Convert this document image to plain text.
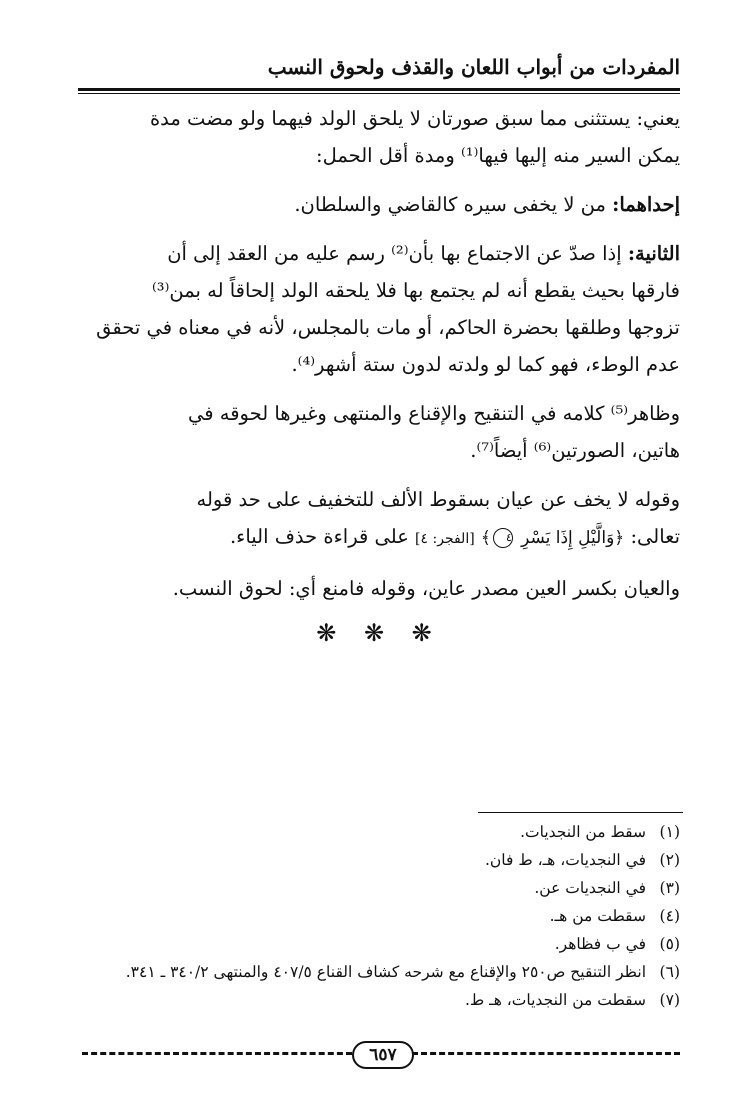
المفردات من أبواب اللعان والقذف ولحوق النسب

يعني: يستثنى مما سبق صورتان لا يلحق الولد فيهما ولو مضت مدة
يمكن السير منه إليها فيها⁽¹⁾ ومدة أقل الحمل:

إحداهما: من لا يخفى سيره كالقاضي والسلطان.

الثانية: إذا صدّ عن الاجتماع بها بأن⁽²⁾ رسم عليه من العقد إلى أن
فارقها بحيث يقطع أنه لم يجتمع بها فلا يلحقه الولد إلحاقاً له بمن⁽³⁾
تزوجها وطلقها بحضرة الحاكم، أو مات بالمجلس، لأنه في معناه في تحقق
عدم الوطء، فهو كما لو ولدته لدون ستة أشهر⁽⁴⁾.

وظاهر⁽⁵⁾ كلامه في التنقيح والإقناع والمنتهى وغيرها لحوقه في
هاتين، الصورتين⁽⁶⁾ أيضاً⁽⁷⁾.

وقوله لا يخف عن عيان بسقوط الألف للتخفيف على حد قوله
تعالى: ﴿وَالَّيْلِ إِذَا يَسْرِ ٤﴾ [الفجر: ٤] على قراءة حذف الياء.

والعيان بكسر العين مصدر عاين، وقوله فامنع أي: لحوق النسب.

❋ ❋ ❋
(١)سقط من النجديات.
(٢)في النجديات، هـ، ط فان.
(٣)في النجديات عن.
(٤)سقطت من هـ.
(٥)في ب فظاهر.
(٦)انظر التنقيح ص٢٥٠ والإقناع مع شرحه كشاف القناع ٤٠٧/٥ والمنتهى ٣٤٠/٢ ـ ٣٤١.
(٧)سقطت من النجديات، هـ ط.
٦٥٧
